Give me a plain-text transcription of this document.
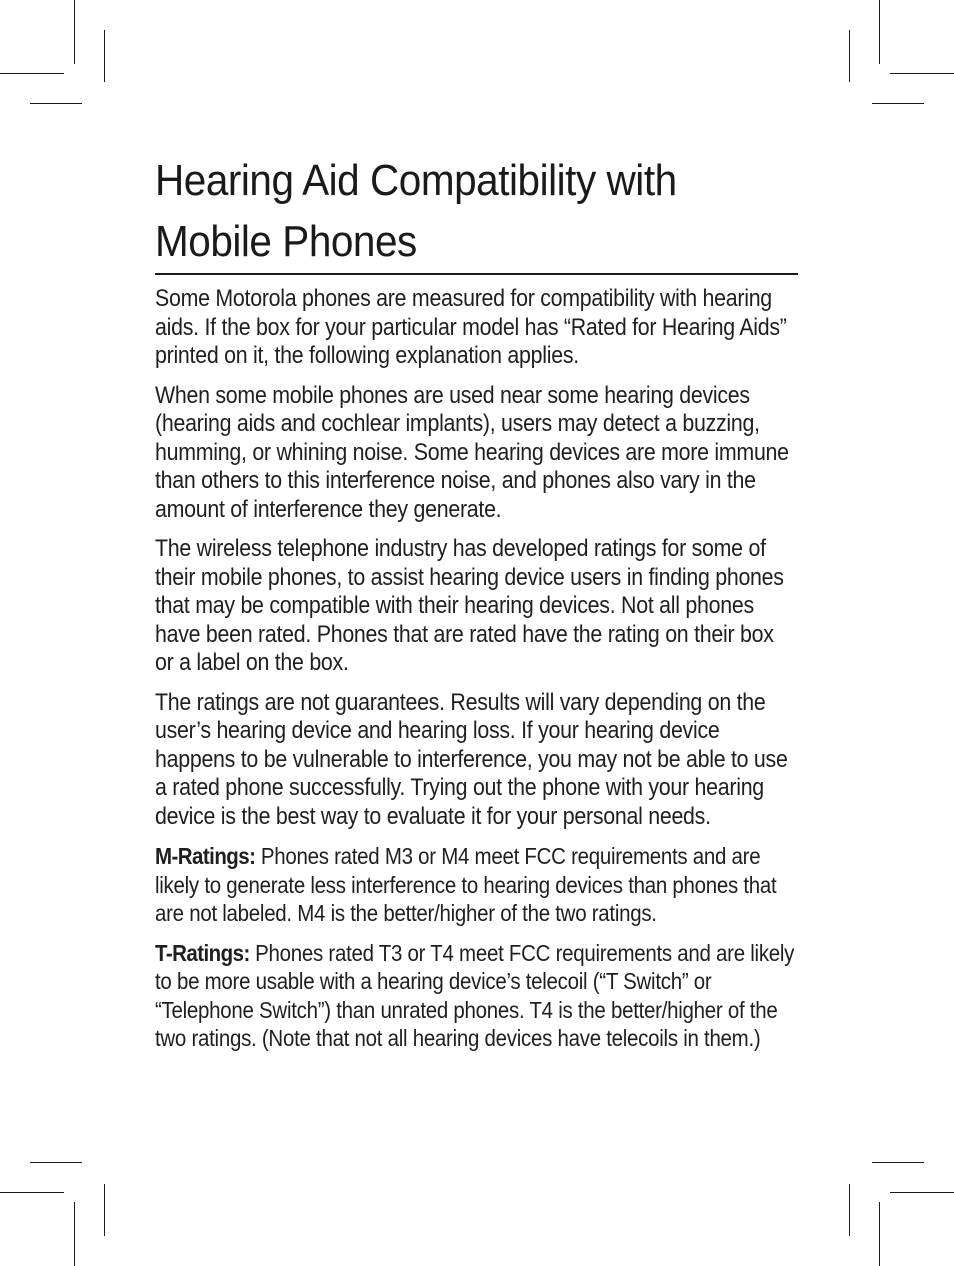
Hearing Aid Compatibility with
Mobile Phones

Some Motorola phones are measured for compatibility with hearing aids. If the box for your particular model has “Rated for Hearing Aids” printed on it, the following explanation applies.

When some mobile phones are used near some hearing devices (hearing aids and cochlear implants), users may detect a buzzing, humming, or whining noise. Some hearing devices are more immune than others to this interference noise, and phones also vary in the amount of interference they generate.

The wireless telephone industry has developed ratings for some of their mobile phones, to assist hearing device users in finding phones that may be compatible with their hearing devices. Not all phones have been rated. Phones that are rated have the rating on their box or a label on the box.

The ratings are not guarantees. Results will vary depending on the user’s hearing device and hearing loss. If your hearing device happens to be vulnerable to interference, you may not be able to use a rated phone successfully. Trying out the phone with your hearing device is the best way to evaluate it for your personal needs.

M-Ratings: Phones rated M3 or M4 meet FCC requirements and are likely to generate less interference to hearing devices than phones that are not labeled. M4 is the better/higher of the two ratings.

T-Ratings: Phones rated T3 or T4 meet FCC requirements and are likely to be more usable with a hearing device’s telecoil (“T Switch” or “Telephone Switch”) than unrated phones. T4 is the better/higher of the two ratings. (Note that not all hearing devices have telecoils in them.)
